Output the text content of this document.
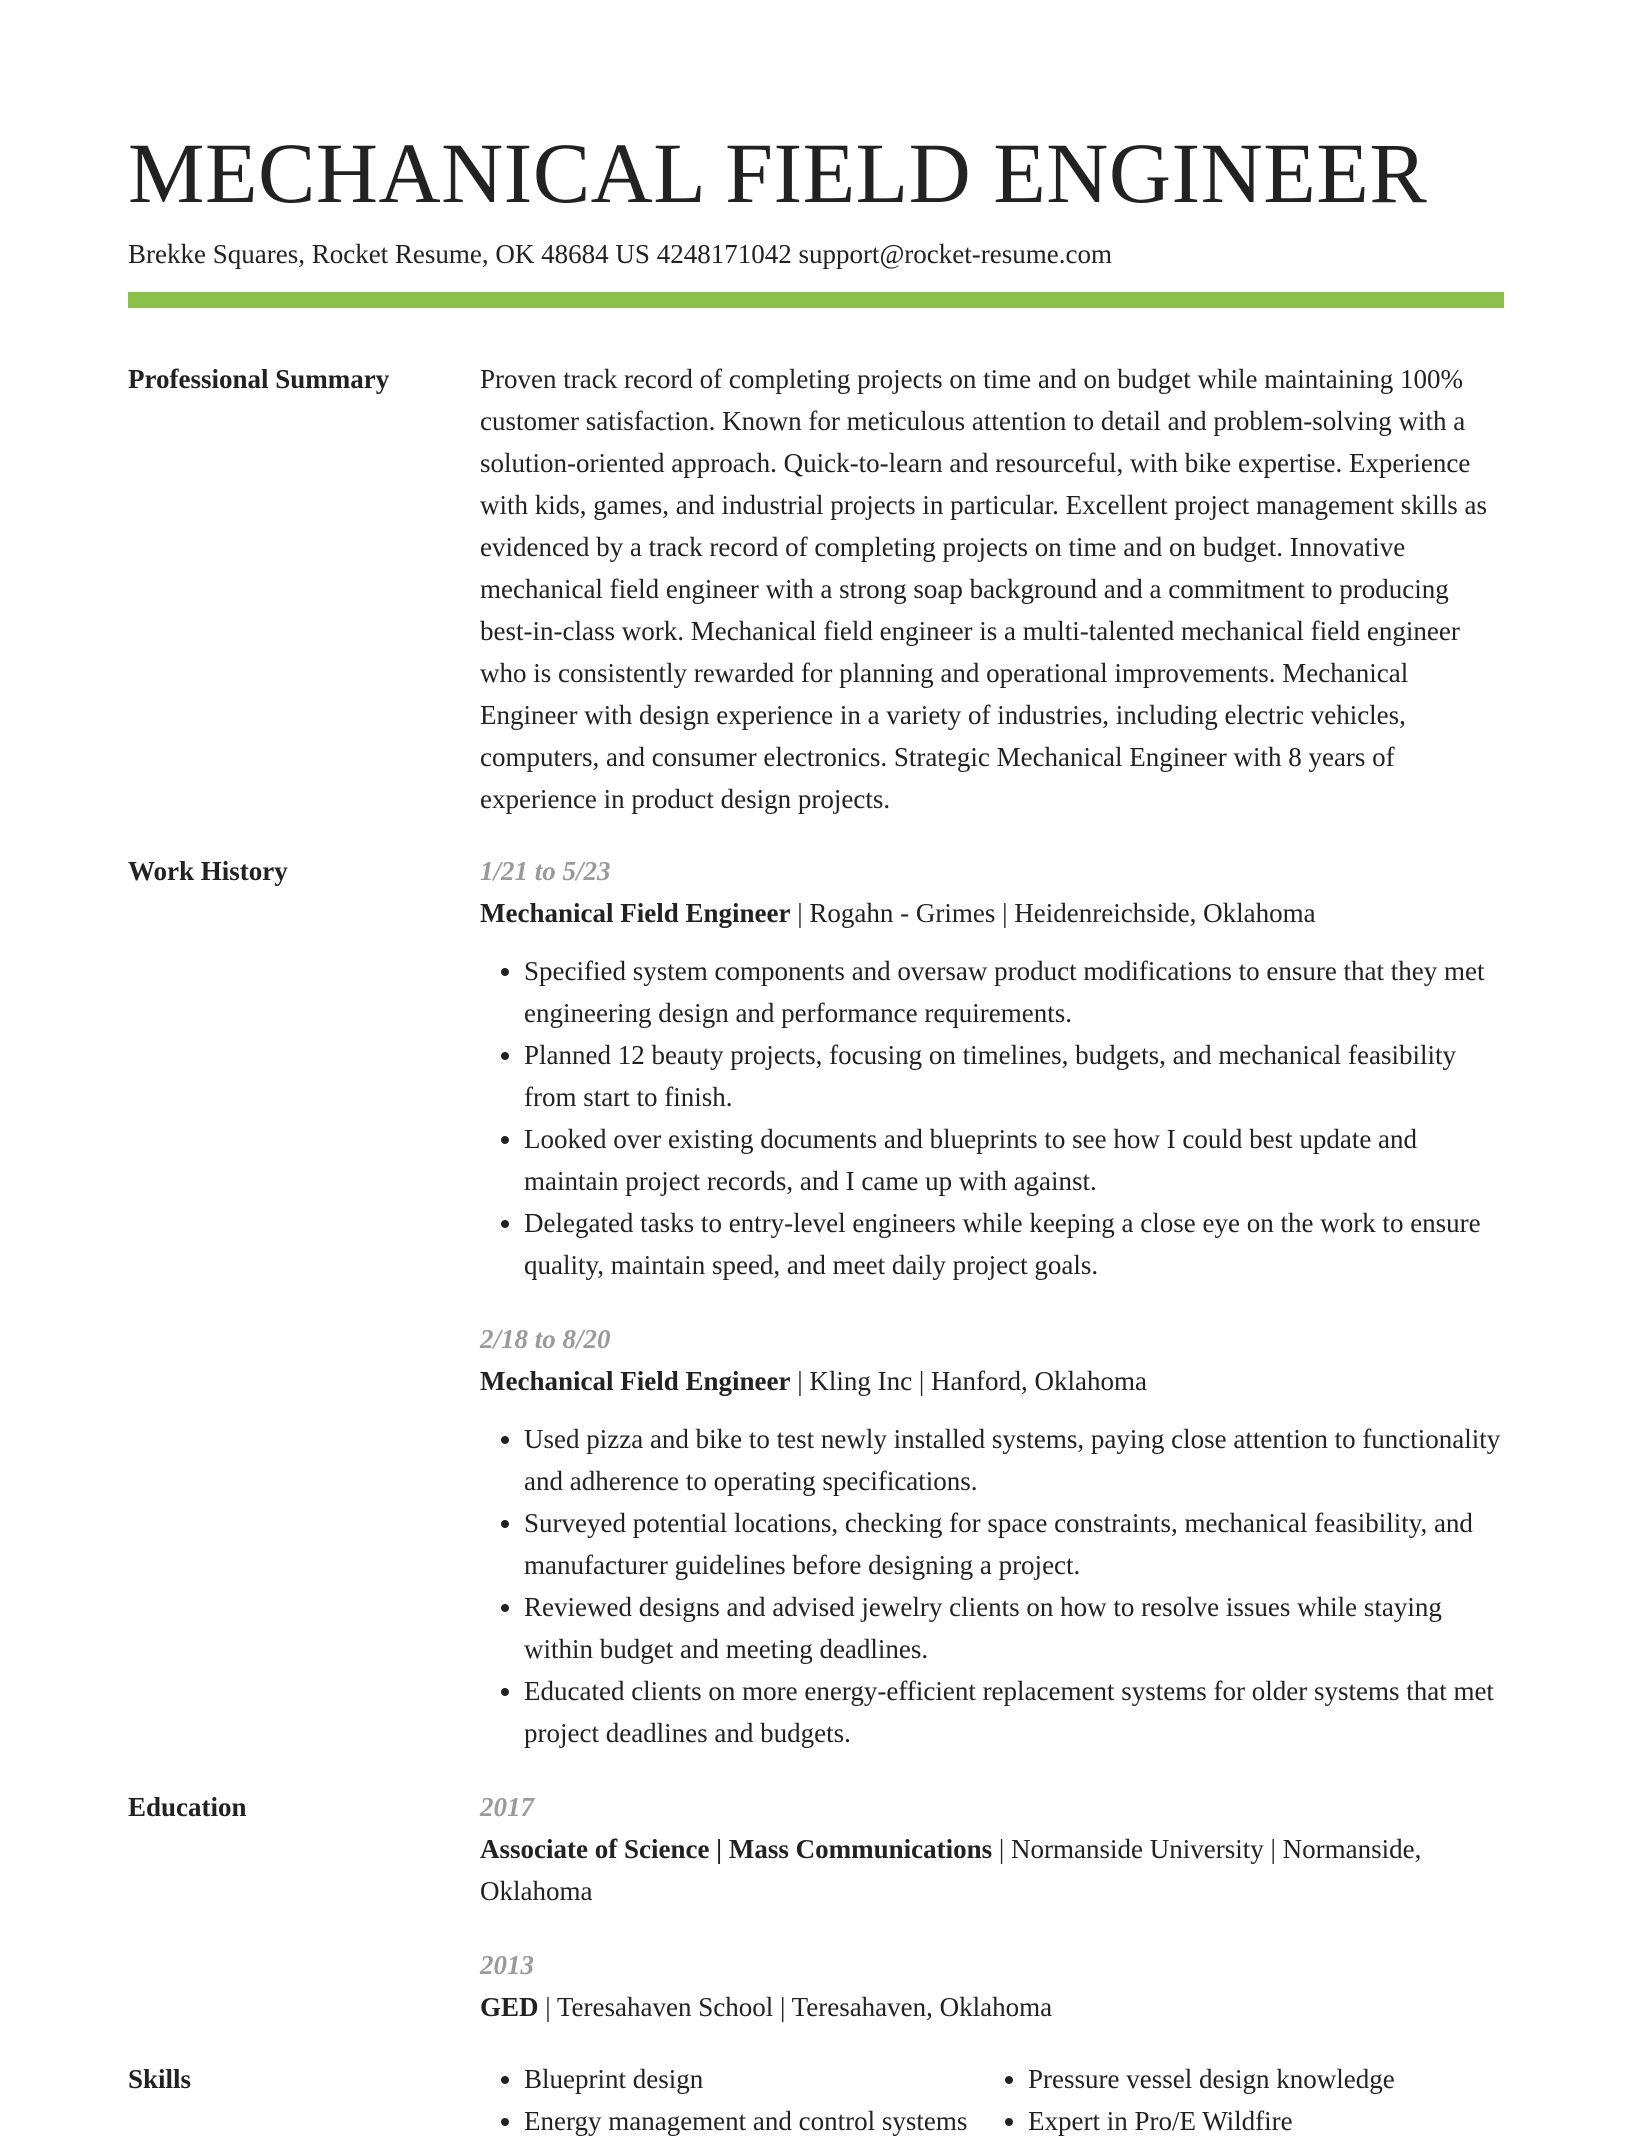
MECHANICAL FIELD ENGINEER
Brekke Squares, Rocket Resume, OK 48684 US 4248171042 support@rocket-resume.com
Professional Summary	Proven track record of completing projects on time and on budget while maintaining 100% customer satisfaction. Known for meticulous attention to detail and problem-solving with a solution-oriented approach. Quick-to-learn and resourceful, with bike expertise. Experience with kids, games, and industrial projects in particular. Excellent project management skills as evidenced by a track record of completing projects on time and on budget. Innovative mechanical field engineer with a strong soap background and a commitment to producing best-in-class work. Mechanical field engineer is a multi-talented mechanical field engineer who is consistently rewarded for planning and operational improvements. Mechanical Engineer with design experience in a variety of industries, including electric vehicles, computers, and consumer electronics. Strategic Mechanical Engineer with 8 years of experience in product design projects.

Work History	1/21 to 5/23
Mechanical Field Engineer | Rogahn - Grimes | Heidenreichside, Oklahoma
• Specified system components and oversaw product modifications to ensure that they met engineering design and performance requirements.
• Planned 12 beauty projects, focusing on timelines, budgets, and mechanical feasibility from start to finish.
• Looked over existing documents and blueprints to see how I could best update and maintain project records, and I came up with against.
• Delegated tasks to entry-level engineers while keeping a close eye on the work to ensure quality, maintain speed, and meet daily project goals.
2/18 to 8/20
Mechanical Field Engineer | Kling Inc | Hanford, Oklahoma
• Used pizza and bike to test newly installed systems, paying close attention to functionality and adherence to operating specifications.
• Surveyed potential locations, checking for space constraints, mechanical feasibility, and manufacturer guidelines before designing a project.
• Reviewed designs and advised jewelry clients on how to resolve issues while staying within budget and meeting deadlines.
• Educated clients on more energy-efficient replacement systems for older systems that met project deadlines and budgets.
Education	2017
Associate of Science | Mass Communications | Normanside University | Normanside, Oklahoma
2013
GED | Teresahaven School | Teresahaven, Oklahoma
Skills
•	Blueprint design
• Energy management and control systems
• Pressure vessel design knowledge
• Expert in Pro/E Wildfire
